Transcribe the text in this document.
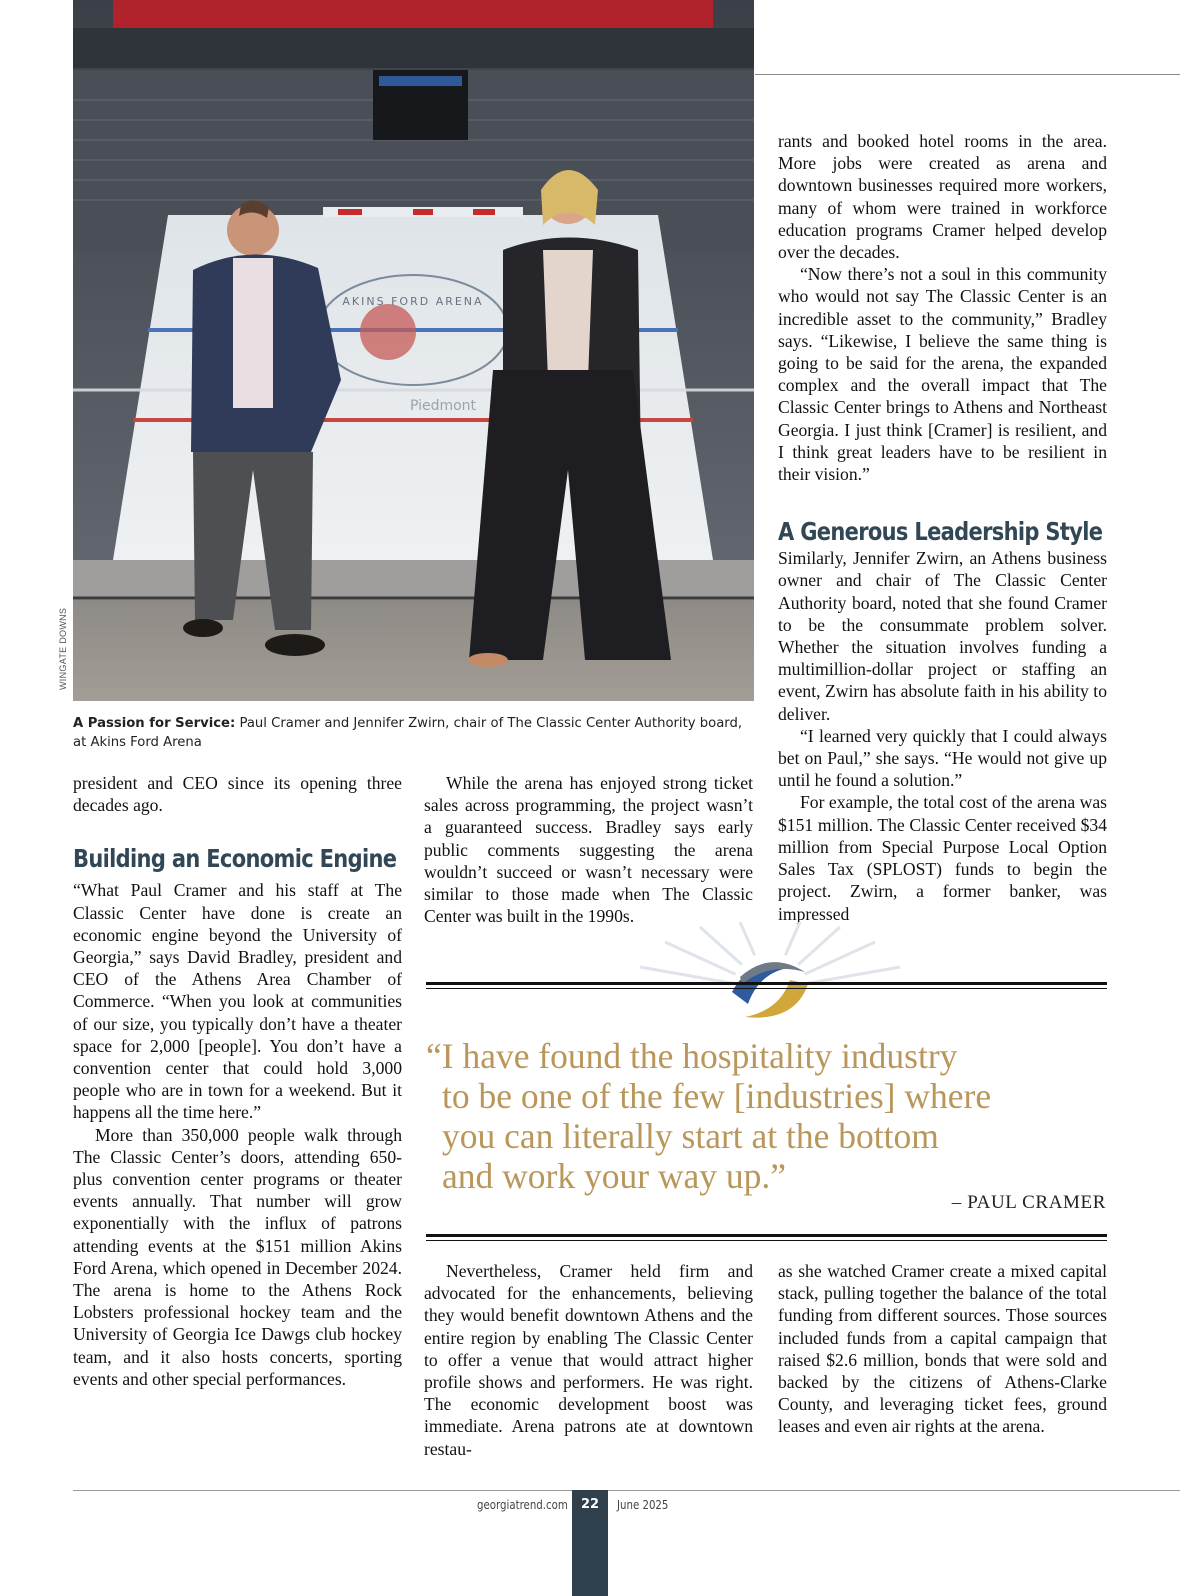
AKINS FORD ARENA
Piedmont
WINGATE DOWNS
A Passion for Service: Paul Cramer and Jennifer Zwirn, chair of The Classic Center Authority board, at Akins Ford Arena

president and CEO since its opening three decades ago.

Building an Economic Engine

“What Paul Cramer and his staff at The Classic Center have done is create an economic engine beyond the University of Georgia,” says David Bradley, president and CEO of the Athens Area Chamber of Commerce. “When you look at communities of our size, you typically don’t have a theater space for 2,000 [people]. You don’t have a convention center that could hold 3,000 people who are in town for a weekend. But it happens all the time here.”

More than 350,000 people walk through The Classic Center’s doors, attending 650-plus convention center programs or theater events annually. That number will grow exponentially with the influx of patrons attending events at the $151 million Akins Ford Arena, which opened in December 2024. The arena is home to the Athens Rock Lobsters professional hockey team and the University of Georgia Ice Dawgs club hockey team, and it also hosts concerts, sporting events and other special performances.

While the arena has enjoyed strong ticket sales across programming, the project wasn’t a guaranteed success. Bradley says early public comments suggesting the arena wouldn’t succeed or wasn’t necessary were similar to those made when The Classic Center was built in the 1990s.

rants and booked hotel rooms in the area. More jobs were created as arena and downtown businesses required more workers, many of whom were trained in workforce education programs Cramer helped develop over the decades.

“Now there’s not a soul in this community who would not say The Classic Center is an incredible asset to the community,” Bradley says. “Likewise, I believe the same thing is going to be said for the arena, the expanded complex and the overall impact that The Classic Center brings to Athens and Northeast Georgia. I just think [Cramer] is resilient, and I think great leaders have to be resilient in their vision.”

A Generous Leadership Style

Similarly, Jennifer Zwirn, an Athens business owner and chair of The Classic Center Authority board, noted that she found Cramer to be the consummate problem solver. Whether the situation involves funding a multimillion-dollar project or staffing an event, Zwirn has absolute faith in his ability to deliver.

“I learned very quickly that I could always bet on Paul,” she says. “He would not give up until he found a solution.”

For example, the total cost of the arena was $151 million. The Classic Center received $34 million from Special Purpose Local Option Sales Tax (SPLOST) funds to begin the project. Zwirn, a former banker, was impressed

“I have found the hospitality industry
to be one of the few [industries] where
you can literally start at the bottom
and work your way up.”
– PAUL CRAMER

Nevertheless, Cramer held firm and advocated for the enhancements, believing they would benefit downtown Athens and the entire region by enabling The Classic Center to offer a venue that would attract higher profile shows and performers. He was right. The economic development boost was immediate. Arena patrons ate at downtown restau-

as she watched Cramer create a mixed capital stack, pulling together the balance of the total funding from different sources. Those sources included funds from a capital campaign that raised $2.6 million, bonds that were sold and backed by the citizens of Athens-Clarke County, and leveraging ticket fees, ground leases and even air rights at the arena.

22
georgiatrend.com	June 2025
